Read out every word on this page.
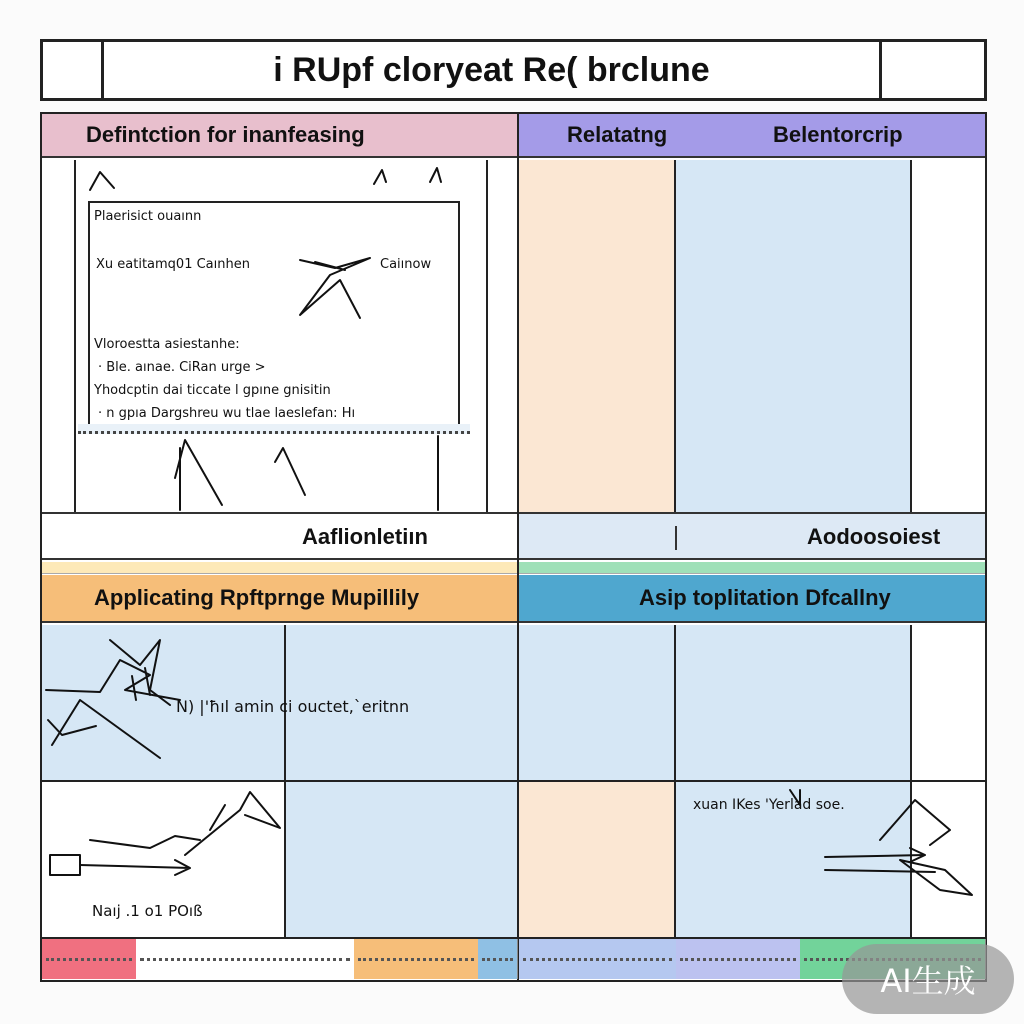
i RUpf cloryeat Re( brclune
Defintction for inanfeasing	Relatatng	Belentorcrip
Plaerisict ouaınn
Xu eatitamq01 Caınhen	Caiınow
Vloroestta asiestanhe:
· Ble. aınae. CiRan urge >
Yhodcptin dai ticcate l gpıne gnisitin
· n gpıa Dargshreu wu tlae laeslefan: Hı
Aaflionletiın	Aodoosoiest
Applicating Rpftprnge Mupillily	Asip toplitation Dfcallny
N) |'ħıl amin ci ouctet,`eritnn
Naıj .1 o1 POıß
xuan IKes 'Yerlad soe.
AI生成
